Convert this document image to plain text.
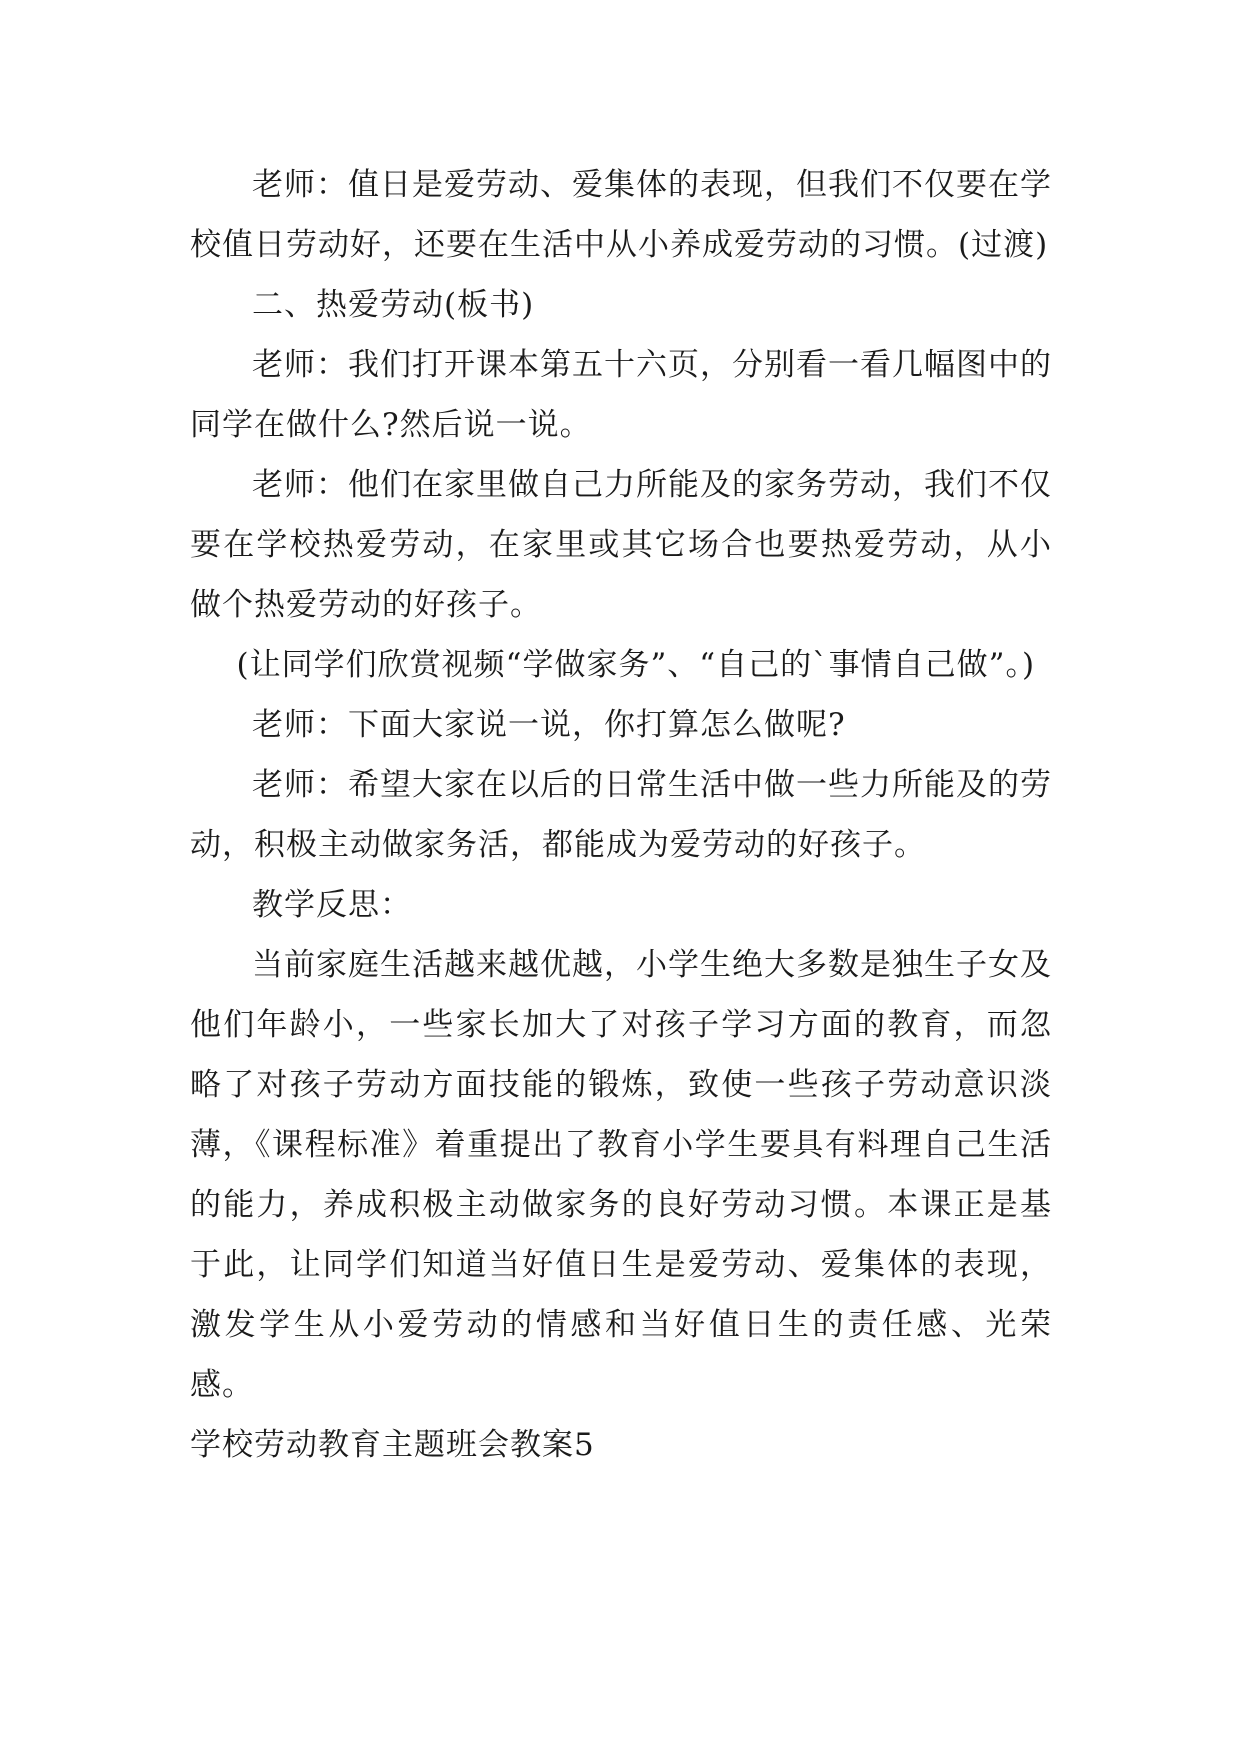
老师：值日是爱劳动、爱集体的表现，但我们不仅要在学校值日劳动好，还要在生活中从小养成爱劳动的习惯。(过渡)

二、热爱劳动(板书)

老师：我们打开课本第五十六页，分别看一看几幅图中的同学在做什么?然后说一说。

老师：他们在家里做自己力所能及的家务劳动，我们不仅要在学校热爱劳动，在家里或其它场合也要热爱劳动，从小做个热爱劳动的好孩子。

(让同学们欣赏视频“学做家务”、“自己的`事情自己做”。)

老师：下面大家说一说，你打算怎么做呢?

老师：希望大家在以后的日常生活中做一些力所能及的劳动，积极主动做家务活，都能成为爱劳动的好孩子。

教学反思：

当前家庭生活越来越优越，小学生绝大多数是独生子女及他们年龄小，一些家长加大了对孩子学习方面的教育，而忽略了对孩子劳动方面技能的锻炼，致使一些孩子劳动意识淡薄，《课程标准》着重提出了教育小学生要具有料理自己生活的能力，养成积极主动做家务的良好劳动习惯。本课正是基于此，让同学们知道当好值日生是爱劳动、爱集体的表现，激发学生从小爱劳动的情感和当好值日生的责任感、光荣感。

学校劳动教育主题班会教案5
